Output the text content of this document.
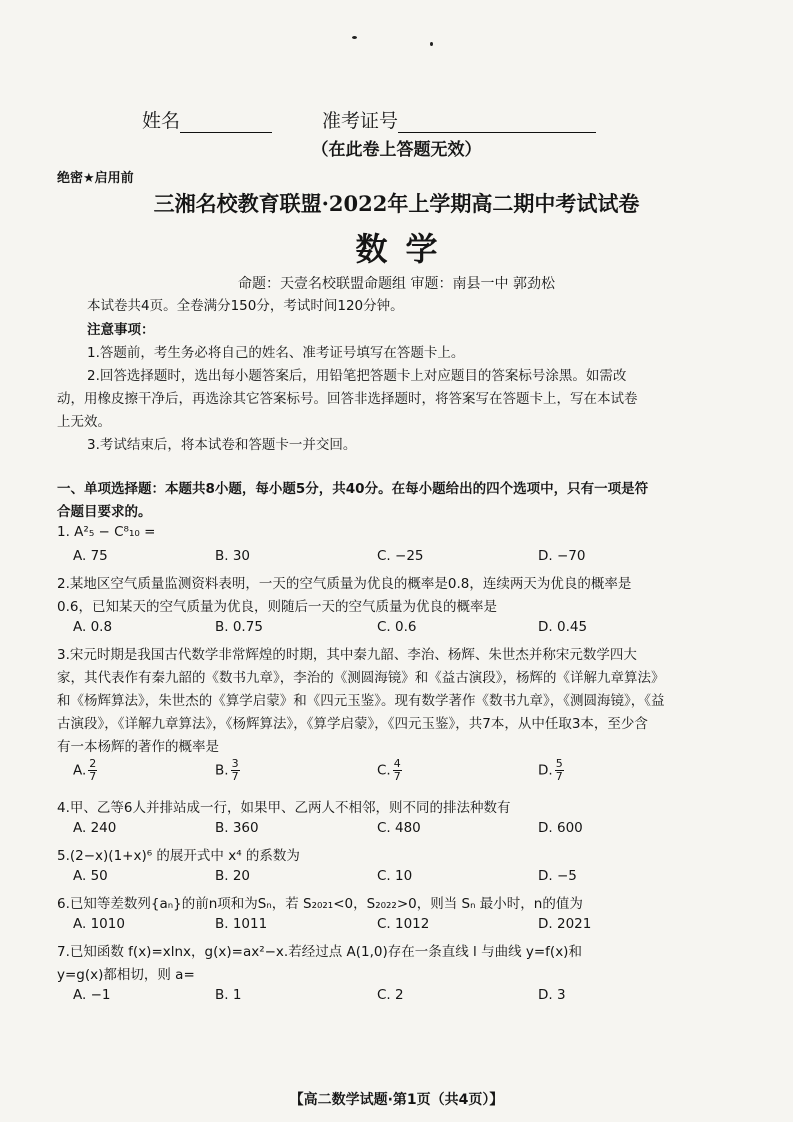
姓名	准考证号
（在此卷上答题无效）
绝密★启用前
三湘名校教育联盟·2022年上学期高二期中考试试卷
数学
命题：天壹名校联盟命题组 审题：南县一中 郭劲松
本试卷共4页。全卷满分150分，考试时间120分钟。
注意事项：
1.答题前，考生务必将自己的姓名、准考证号填写在答题卡上。
2.回答选择题时，选出每小题答案后，用铅笔把答题卡上对应题目的答案标号涂黑。如需改
动，用橡皮擦干净后，再选涂其它答案标号。回答非选择题时，将答案写在答题卡上，写在本试卷
上无效。
3.考试结束后，将本试卷和答题卡一并交回。
一、单项选择题：本题共8小题，每小题5分，共40分。在每小题给出的四个选项中，只有一项是符
合题目要求的。
1. A²₅ − C⁸₁₀ =
A. 75	B. 30	C. −25	D. −70
2.某地区空气质量监测资料表明，一天的空气质量为优良的概率是0.8，连续两天为优良的概率是
0.6，已知某天的空气质量为优良，则随后一天的空气质量为优良的概率是
A. 0.8	B. 0.75	C. 0.6	D. 0.45
3.宋元时期是我国古代数学非常辉煌的时期，其中秦九韶、李治、杨辉、朱世杰并称宋元数学四大
家，其代表作有秦九韶的《数书九章》，李治的《测圆海镜》和《益古演段》，杨辉的《详解九章算法》
和《杨辉算法》，朱世杰的《算学启蒙》和《四元玉鉴》。现有数学著作《数书九章》，《测圆海镜》，《益
古演段》，《详解九章算法》，《杨辉算法》，《算学启蒙》，《四元玉鉴》，共7本，从中任取3本，至少含
有一本杨辉的著作的概率是
A. $\frac{2}{7}$	B. $\frac{3}{7}$	C. $\frac{4}{7}$	D. $\frac{5}{7}$
4.甲、乙等6人并排站成一行，如果甲、乙两人不相邻，则不同的排法种数有
A. 240	B. 360	C. 480	D. 600
5.(2−x)(1+x)⁶ 的展开式中 x⁴ 的系数为
A. 50	B. 20	C. 10	D. −5
6.已知等差数列{aₙ}的前n项和为Sₙ，若 S₂₀₂₁<0，S₂₀₂₂>0，则当 Sₙ 最小时，n的值为
A. 1010	B. 1011	C. 1012	D. 2021
7.已知函数 f(x)=xlnx，g(x)=ax²−x.若经过点 A(1,0)存在一条直线 l 与曲线 y=f(x)和
y=g(x)都相切，则 a=
A. −1	B. 1	C. 2	D. 3
【高二数学试题·第1页（共4页）】
